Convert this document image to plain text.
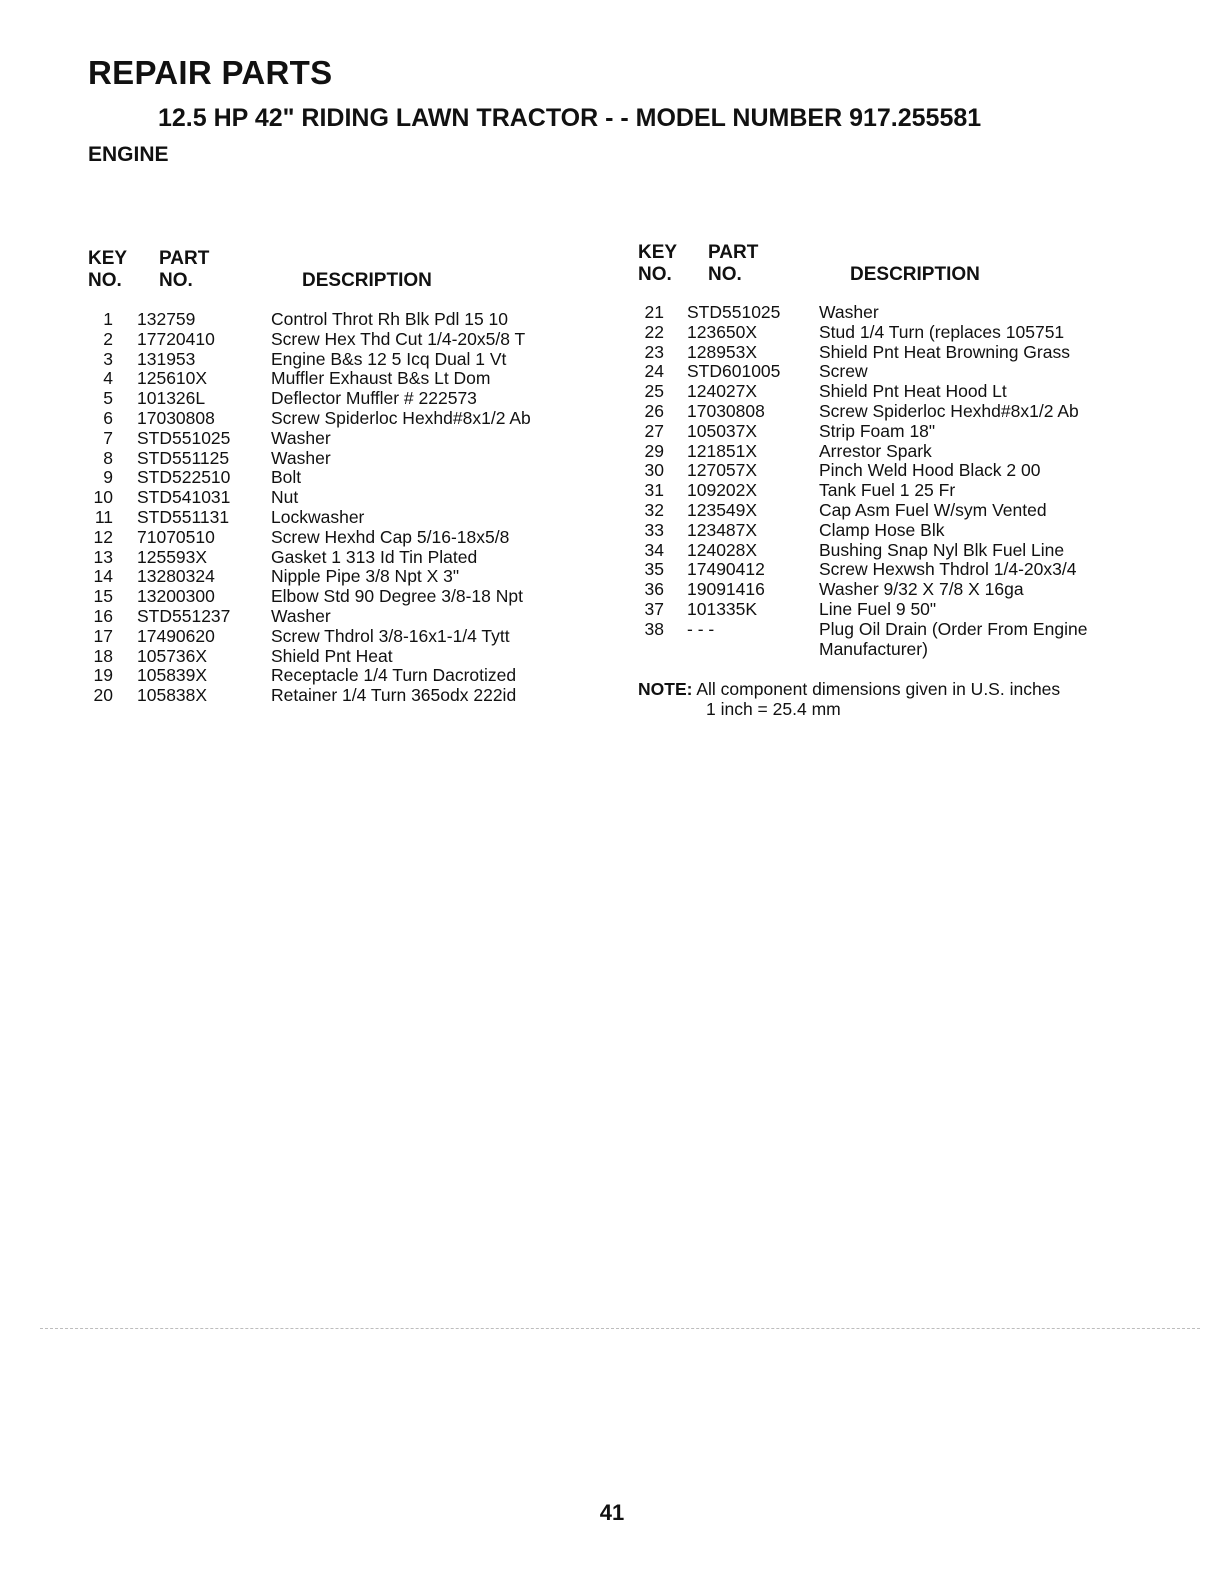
REPAIR PARTS
12.5 HP 42" RIDING LAWN TRACTOR - - MODEL NUMBER 917.255581
ENGINE
KEY
NO.
PART
NO.	DESCRIPTION
KEY
NO.
PART
NO.	DESCRIPTION
1 132759	Control Throt Rh Blk Pdl 15 10
2 17720410	Screw Hex Thd Cut 1/4-20x5/8 T
3 131953	Engine B&s 12 5 Icq Dual 1 Vt
4 125610X	Muffler Exhaust B&s Lt Dom
5 101326L	Deflector Muffler # 222573
6 17030808	Screw Spiderloc Hexhd#8x1/2 Ab
7 STD551025 Washer
8 STD551125 Washer
9 STD522510 Bolt
10 STD541031 Nut
11 STD551131 Lockwasher
12 71070510	Screw Hexhd Cap 5/16-18x5/8
13 125593X	Gasket 1 313 Id Tin Plated
14 13280324	Nipple Pipe 3/8 Npt X 3"
15 13200300	Elbow Std 90 Degree 3/8-18 Npt
16 STD551237 Washer
17 17490620	Screw Thdrol 3/8-16x1-1/4 Tytt
18 105736X	Shield Pnt Heat
19 105839X	Receptacle 1/4 Turn Dacrotized
20 105838X	Retainer 1/4 Turn 365odx 222id
21 STD551025 Washer
22 123650X	Stud 1/4 Turn (replaces 105751
23 128953X	Shield Pnt Heat Browning Grass
24 STD601005 Screw
25 124027X	Shield Pnt Heat Hood Lt
26 17030808	Screw Spiderloc Hexhd#8x1/2 Ab
27 105037X	Strip Foam 18"
29 121851X	Arrestor Spark
30 127057X	Pinch Weld Hood Black 2 00
31 109202X	Tank Fuel 1 25 Fr
32 123549X	Cap Asm Fuel W/sym Vented
33 123487X	Clamp Hose Blk
34 124028X	Bushing Snap Nyl Blk Fuel Line
35 17490412	Screw Hexwsh Thdrol 1/4-20x3/4
36 19091416	Washer 9/32 X 7/8 X 16ga
37 101335K	Line Fuel 9 50"
38 - - -	Plug Oil Drain (Order From Engine Manufacturer)
NOTE: All component dimensions given in U.S. inches
1 inch = 25.4 mm
41
